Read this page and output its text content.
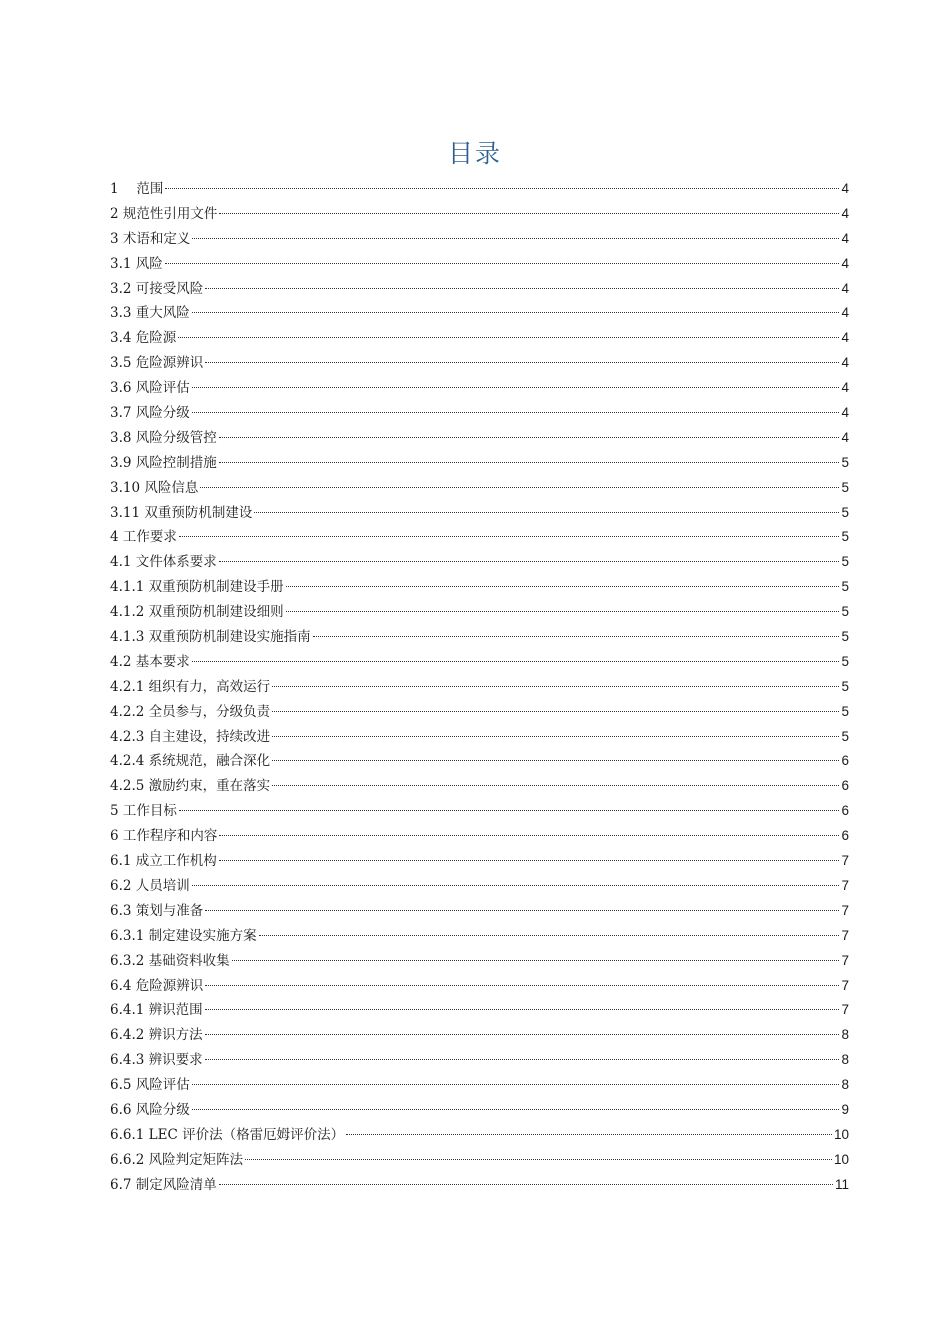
目录
1 　范围	4
2 规范性引用文件	4
3 术语和定义	4
3.1 风险	4
3.2 可接受风险	4
3.3 重大风险	4
3.4 危险源	4
3.5 危险源辨识	4
3.6 风险评估	4
3.7 风险分级	4
3.8 风险分级管控	4
3.9 风险控制措施	5
3.10 风险信息	5
3.11 双重预防机制建设	5
4 工作要求	5
4.1 文件体系要求	5
4.1.1 双重预防机制建设手册	5
4.1.2 双重预防机制建设细则	5
4.1.3 双重预防机制建设实施指南	5
4.2 基本要求	5
4.2.1 组织有力，高效运行	5
4.2.2 全员参与，分级负责	5
4.2.3 自主建设，持续改进	5
4.2.4 系统规范，融合深化	6
4.2.5 激励约束，重在落实	6
5 工作目标	6
6 工作程序和内容	6
6.1 成立工作机构	7
6.2 人员培训	7
6.3 策划与准备	7
6.3.1 制定建设实施方案	7
6.3.2 基础资料收集	7
6.4 危险源辨识	7
6.4.1 辨识范围	7
6.4.2 辨识方法	8
6.4.3 辨识要求	8
6.5 风险评估	8
6.6 风险分级	9
6.6.1 LEC 评价法（格雷厄姆评价法）	10
6.6.2 风险判定矩阵法	10
6.7 制定风险清单	11
